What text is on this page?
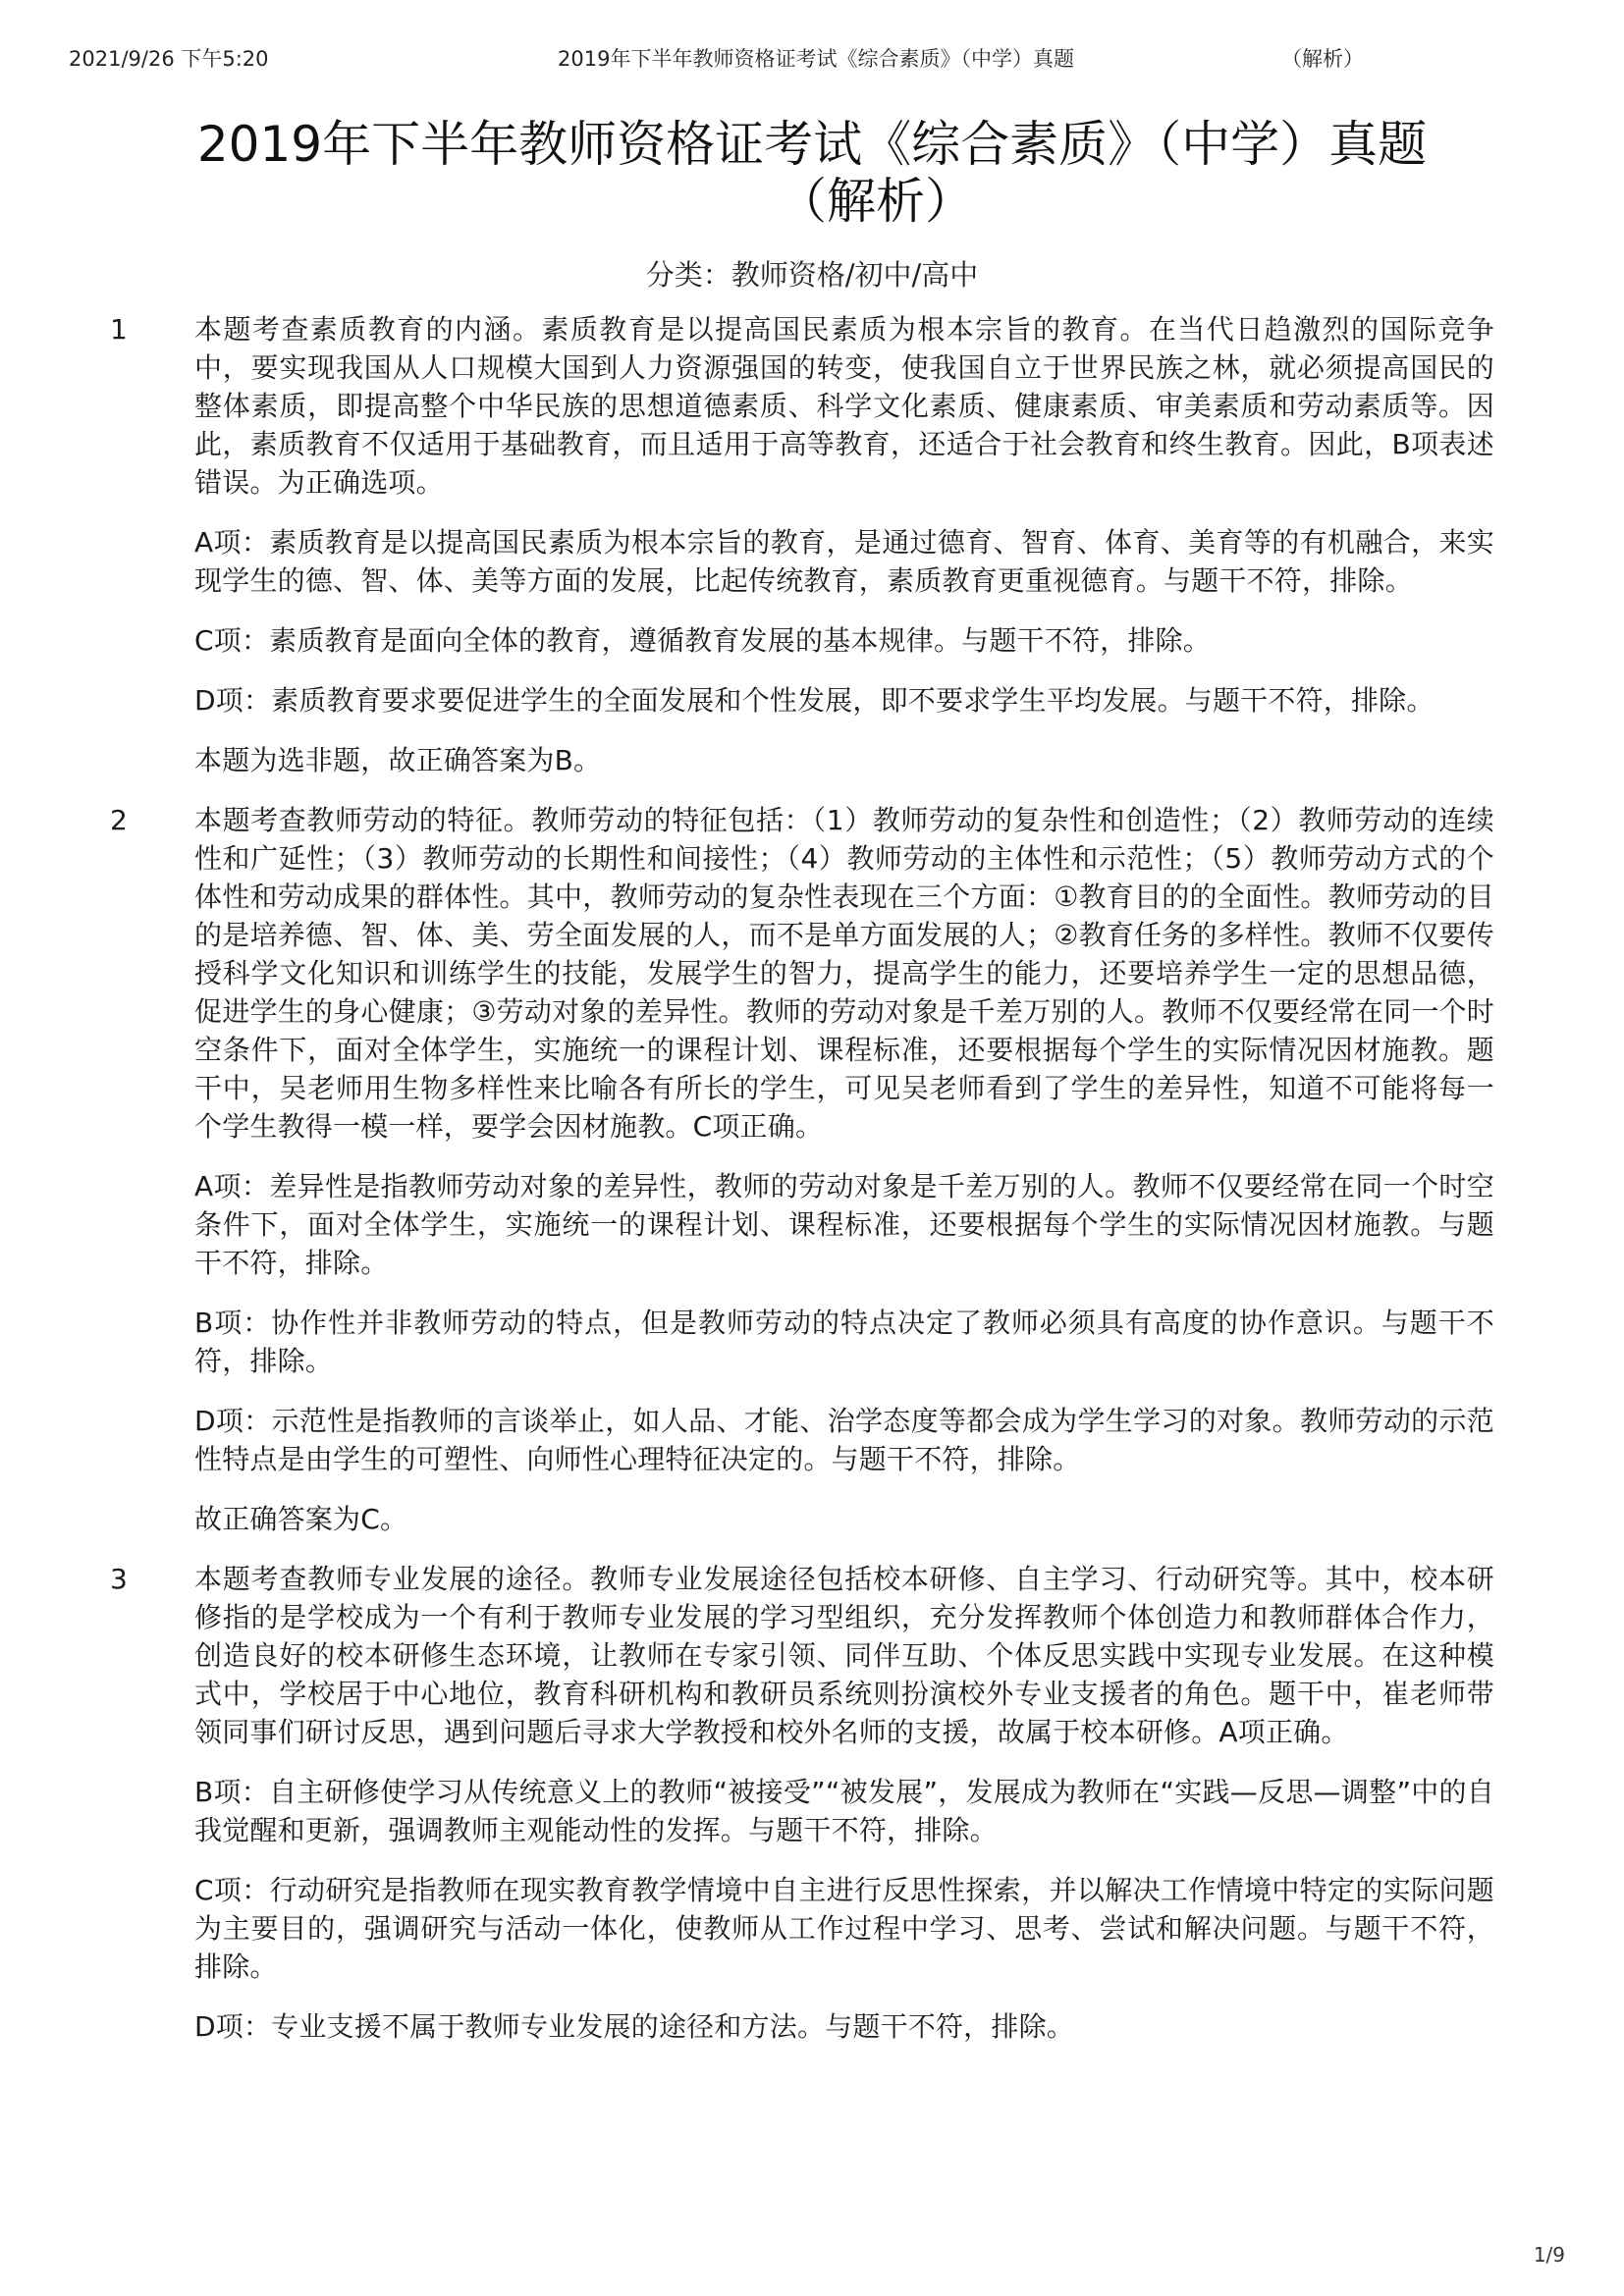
2021/9/26 下午5:20	2019年下半年教师资格证考试《综合素质》（中学）真题	（解析）
2019年下半年教师资格证考试《综合素质》（中学）真题
（解析）
分类：教师资格/初中/高中
1 本题考查素质教育的内涵。素质教育是以提高国民素质为根本宗旨的教育。在当代日趋激烈的国际竞争中，要实现我国从人口规模大国到人力资源强国的转变，使我国自立于世界民族之林，就必须提高国民的整体素质，即提高整个中华民族的思想道德素质、科学文化素质、健康素质、审美素质和劳动素质等。因此，素质教育不仅适用于基础教育，而且适用于高等教育，还适合于社会教育和终生教育。因此，B项表述错误。为正确选项。

A项：素质教育是以提高国民素质为根本宗旨的教育，是通过德育、智育、体育、美育等的有机融合，来实现学生的德、智、体、美等方面的发展，比起传统教育，素质教育更重视德育。与题干不符，排除。

C项：素质教育是面向全体的教育，遵循教育发展的基本规律。与题干不符，排除。

D项：素质教育要求要促进学生的全面发展和个性发展，即不要求学生平均发展。与题干不符，排除。

本题为选非题，故正确答案为B。

2 本题考查教师劳动的特征。教师劳动的特征包括：（1）教师劳动的复杂性和创造性；（2）教师劳动的连续性和广延性；（3）教师劳动的长期性和间接性；（4）教师劳动的主体性和示范性；（5）教师劳动方式的个体性和劳动成果的群体性。其中，教师劳动的复杂性表现在三个方面：①教育目的的全面性。教师劳动的目的是培养德、智、体、美、劳全面发展的人，而不是单方面发展的人；②教育任务的多样性。教师不仅要传授科学文化知识和训练学生的技能，发展学生的智力，提高学生的能力，还要培养学生一定的思想品德，促进学生的身心健康；③劳动对象的差异性。教师的劳动对象是千差万别的人。教师不仅要经常在同一个时空条件下，面对全体学生，实施统一的课程计划、课程标准，还要根据每个学生的实际情况因材施教。题干中，吴老师用生物多样性来比喻各有所长的学生，可见吴老师看到了学生的差异性，知道不可能将每一个学生教得一模一样，要学会因材施教。C项正确。

A项：差异性是指教师劳动对象的差异性，教师的劳动对象是千差万别的人。教师不仅要经常在同一个时空条件下，面对全体学生，实施统一的课程计划、课程标准，还要根据每个学生的实际情况因材施教。与题干不符，排除。

B项：协作性并非教师劳动的特点，但是教师劳动的特点决定了教师必须具有高度的协作意识。与题干不符，排除。

D项：示范性是指教师的言谈举止，如人品、才能、治学态度等都会成为学生学习的对象。教师劳动的示范性特点是由学生的可塑性、向师性心理特征决定的。与题干不符，排除。

故正确答案为C。

3 本题考查教师专业发展的途径。教师专业发展途径包括校本研修、自主学习、行动研究等。其中，校本研修指的是学校成为一个有利于教师专业发展的学习型组织，充分发挥教师个体创造力和教师群体合作力，创造良好的校本研修生态环境，让教师在专家引领、同伴互助、个体反思实践中实现专业发展。在这种模式中，学校居于中心地位，教育科研机构和教研员系统则扮演校外专业支援者的角色。题干中，崔老师带领同事们研讨反思，遇到问题后寻求大学教授和校外名师的支援，故属于校本研修。A项正确。

B项：自主研修使学习从传统意义上的教师“被接受”“被发展”，发展成为教师在“实践—反思—调整”中的自我觉醒和更新，强调教师主观能动性的发挥。与题干不符，排除。

C项：行动研究是指教师在现实教育教学情境中自主进行反思性探索，并以解决工作情境中特定的实际问题为主要目的，强调研究与活动一体化，使教师从工作过程中学习、思考、尝试和解决问题。与题干不符，排除。

D项：专业支援不属于教师专业发展的途径和方法。与题干不符，排除。

1/9
